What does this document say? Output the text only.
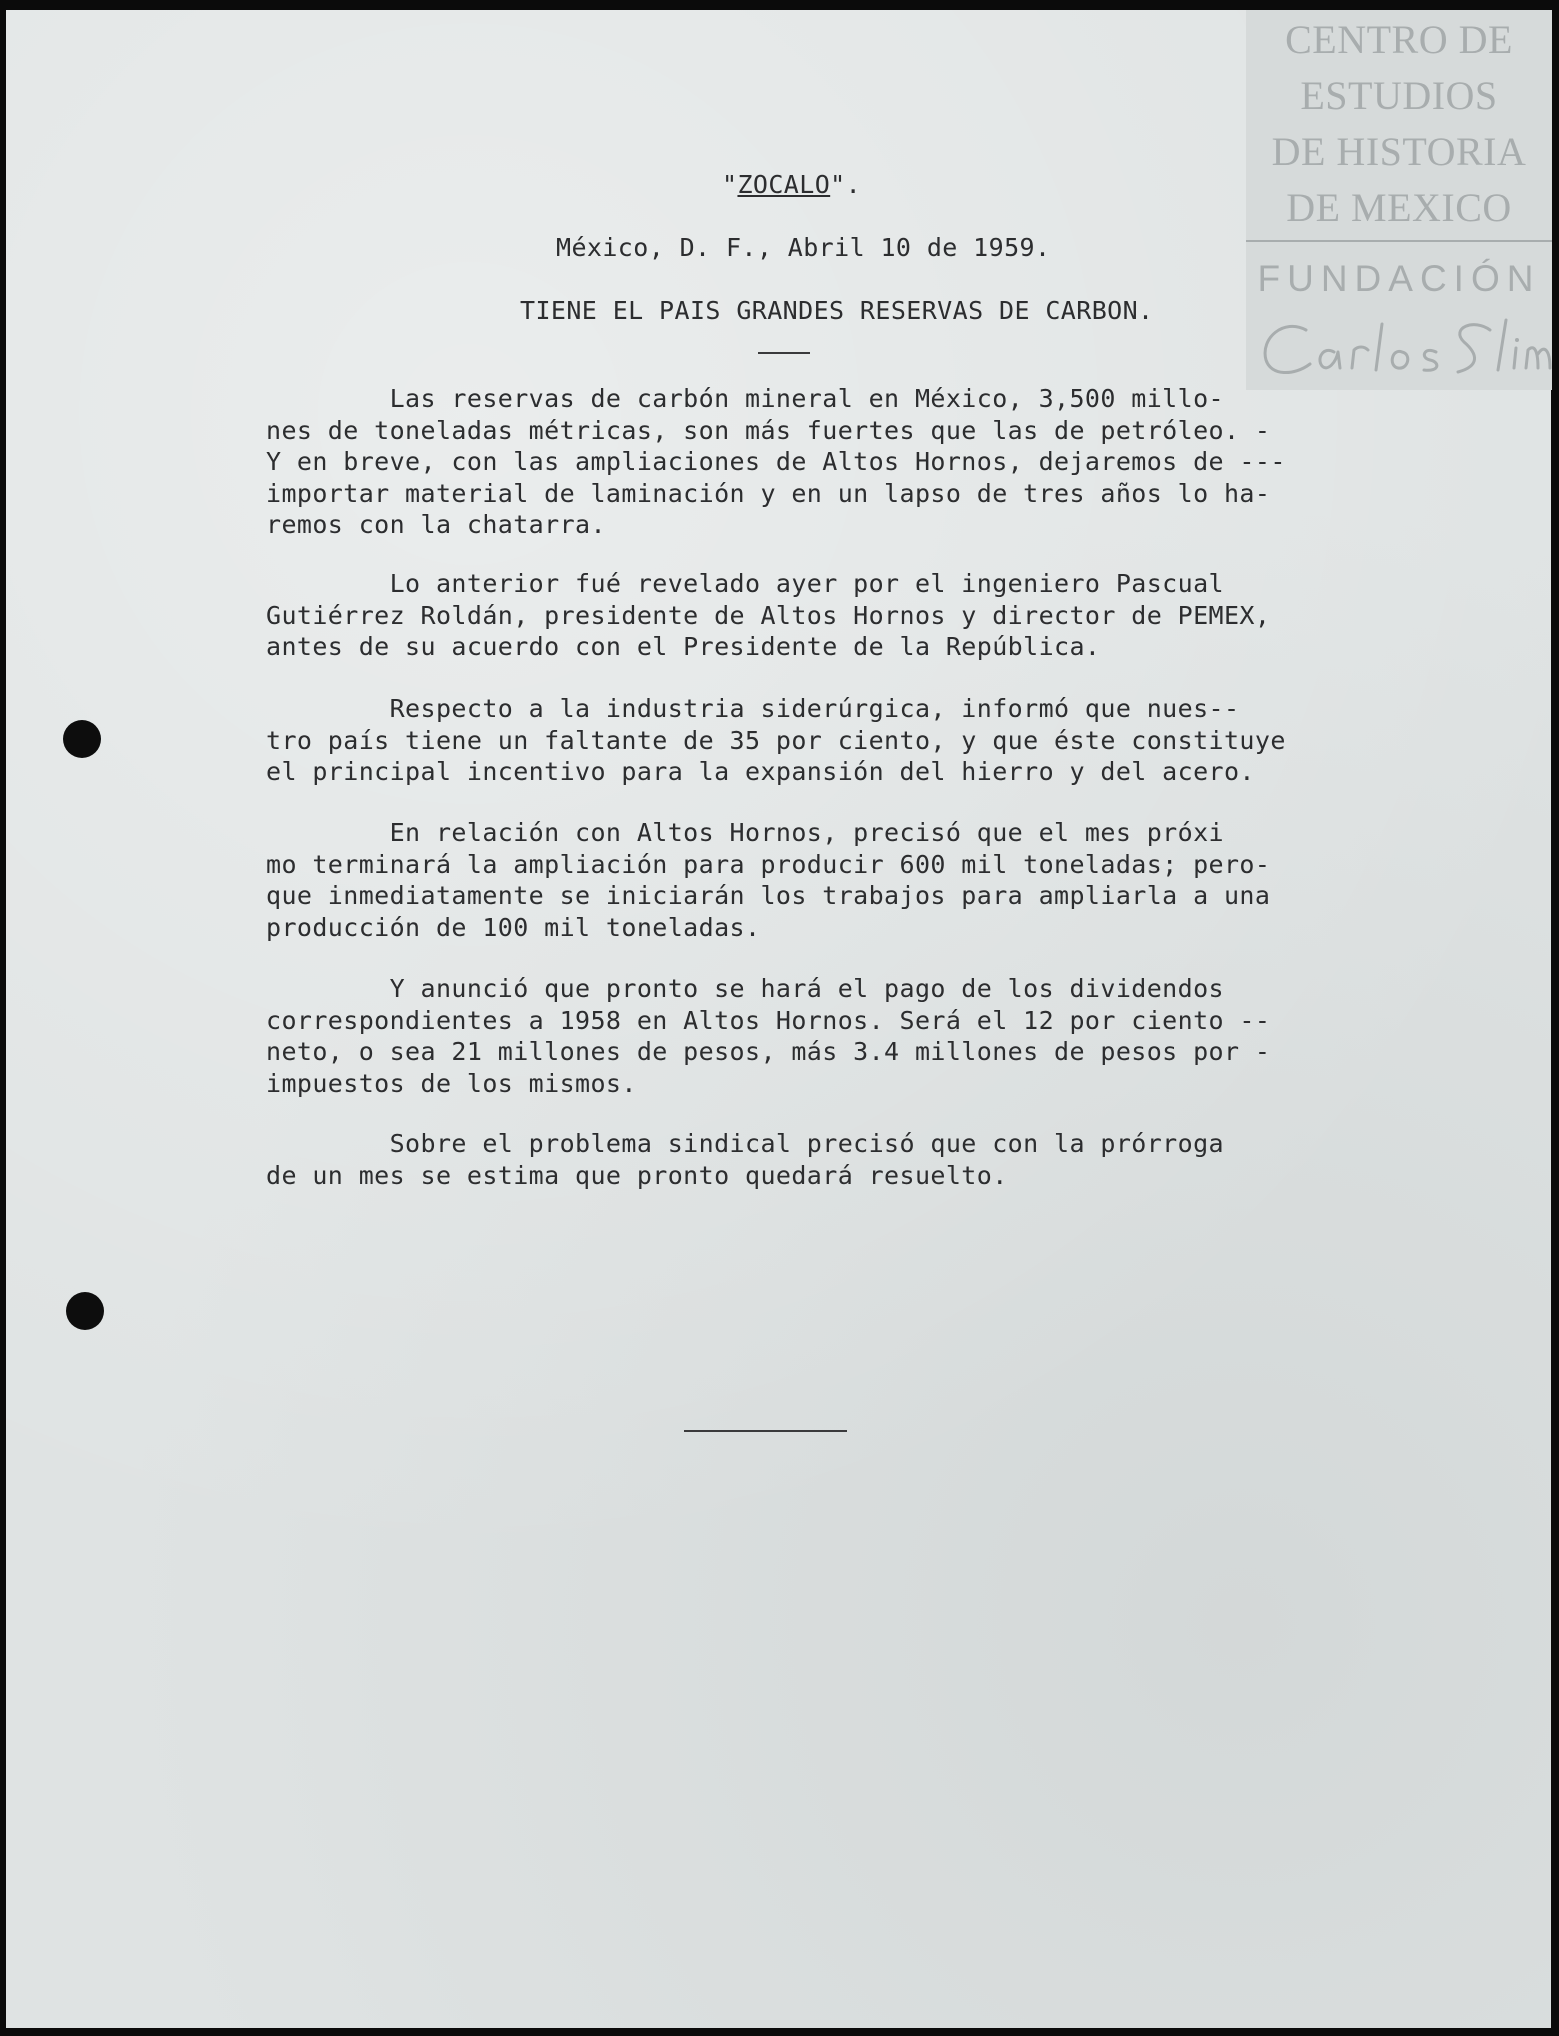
"ZOCALO".
México, D. F., Abril 10 de 1959.
TIENE EL PAIS GRANDES RESERVAS DE CARBON.
Las reservas de carbón mineral en México, 3,500 millo-
nes de toneladas métricas, son más fuertes que las de petróleo. -
Y en breve, con las ampliaciones de Altos Hornos, dejaremos de ---
importar material de laminación y en un lapso de tres años lo ha-
remos con la chatarra.
Lo anterior fué revelado ayer por el ingeniero Pascual
Gutiérrez Roldán, presidente de Altos Hornos y director de PEMEX,
antes de su acuerdo con el Presidente de la República.
Respecto a la industria siderúrgica, informó que nues--
tro país tiene un faltante de 35 por ciento, y que éste constituye
el principal incentivo para la expansión del hierro y del acero.
En relación con Altos Hornos, precisó que el mes próxi
mo terminará la ampliación para producir 600 mil toneladas; pero-
que inmediatamente se iniciarán los trabajos para ampliarla a una
producción de 100 mil toneladas.
Y anunció que pronto se hará el pago de los dividendos
correspondientes a 1958 en Altos Hornos. Será el 12 por ciento --
neto, o sea 21 millones de pesos, más 3.4 millones de pesos por -
impuestos de los mismos.
Sobre el problema sindical precisó que con la prórroga
de un mes se estima que pronto quedará resuelto.
CENTRO DE
ESTUDIOS
DE HISTORIA
DE MEXICO
FUNDACIÓN
